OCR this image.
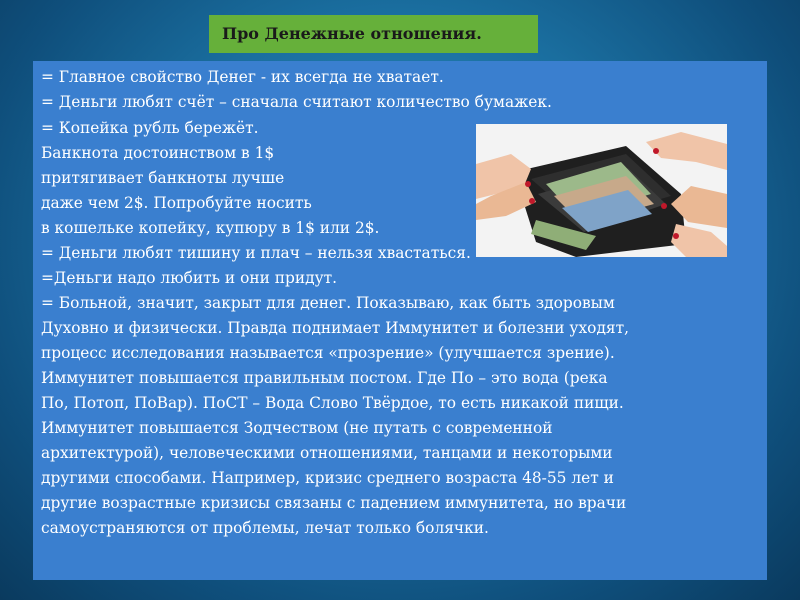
Про Денежные отношения.
= Главное свойство Денег - их всегда не хватает.
= Деньги любят счёт – сначала считают количество бумажек.
= Копейка рубль бережёт.
Банкнота достоинством в 1$
притягивает банкноты лучше
даже чем 2$. Попробуйте носить
в кошельке копейку, купюру в 1$ или 2$.
= Деньги любят тишину и плач – нельзя хвастаться.
=Деньги надо любить и они придут.
= Больной, значит, закрыт для денег. Показываю, как быть здоровым
Духовно и физически. Правда поднимает Иммунитет и болезни уходят,
процесс исследования называется «прозрение» (улучшается зрение).
Иммунитет повышается правильным постом. Где По – это вода (река
По, Потоп, ПоВар). ПоСТ – Вода Слово Твёрдое, то есть никакой пищи.
Иммунитет повышается Зодчеством (не путать с современной
архитектурой), человеческими отношениями, танцами и некоторыми
другими способами. Например, кризис среднего возраста 48-55 лет и
другие возрастные кризисы связаны с падением иммунитета, но врачи
самоустраняются от проблемы, лечат только болячки.
